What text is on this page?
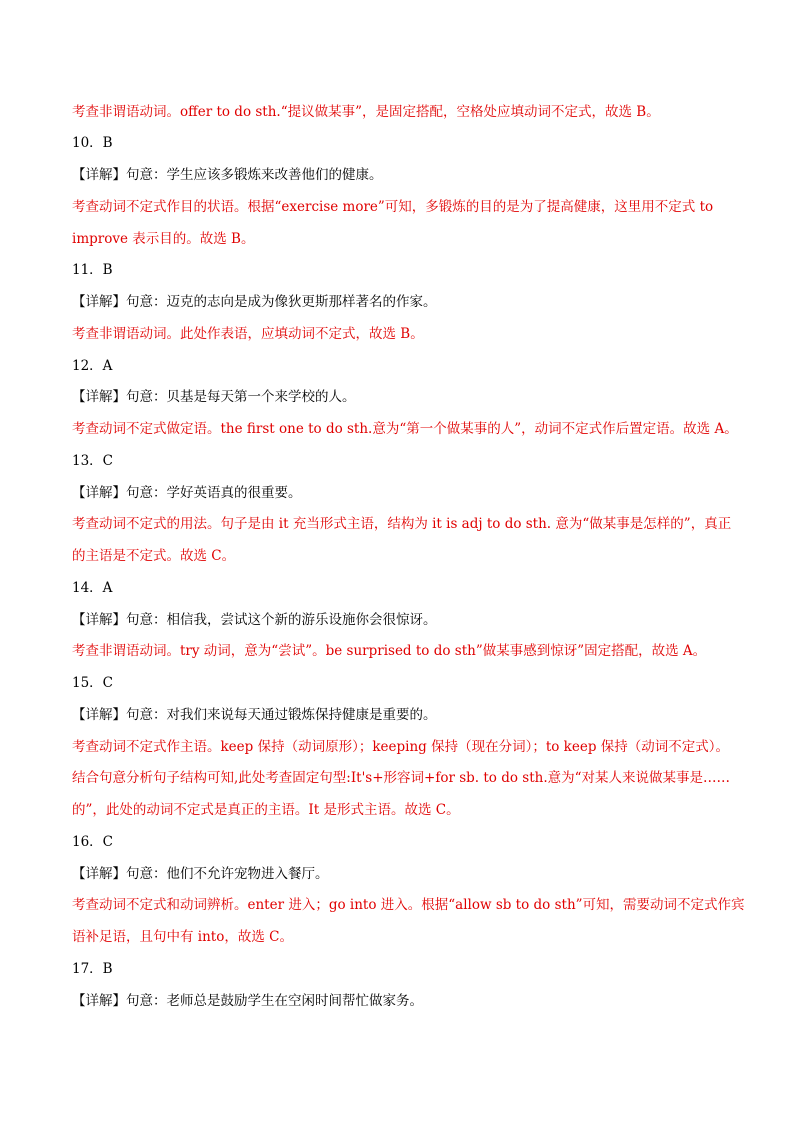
考查非谓语动词。offer to do sth.“提议做某事”，是固定搭配，空格处应填动词不定式，故选 B。
10．B
【详解】句意：学生应该多锻炼来改善他们的健康。
考查动词不定式作目的状语。根据“exercise more”可知，多锻炼的目的是为了提高健康，这里用不定式 to
improve 表示目的。故选 B。
11．B
【详解】句意：迈克的志向是成为像狄更斯那样著名的作家。
考查非谓语动词。此处作表语，应填动词不定式，故选 B。
12．A
【详解】句意：贝基是每天第一个来学校的人。
考查动词不定式做定语。the first one to do sth.意为“第一个做某事的人”，动词不定式作后置定语。故选 A。
13．C
【详解】句意：学好英语真的很重要。
考查动词不定式的用法。句子是由 it 充当形式主语，结构为 it is adj to do sth. 意为“做某事是怎样的”，真正
的主语是不定式。故选 C。
14．A
【详解】句意：相信我，尝试这个新的游乐设施你会很惊讶。
考查非谓语动词。try 动词，意为“尝试”。be surprised to do sth”做某事感到惊讶”固定搭配，故选 A。
15．C
【详解】句意：对我们来说每天通过锻炼保持健康是重要的。
考查动词不定式作主语。keep 保持（动词原形）；keeping 保持（现在分词）；to keep 保持（动词不定式）。
结合句意分析句子结构可知,此处考查固定句型:It's+形容词+for sb. to do sth.意为“对某人来说做某事是……
的”，此处的动词不定式是真正的主语。It 是形式主语。故选 C。
16．C
【详解】句意：他们不允许宠物进入餐厅。
考查动词不定式和动词辨析。enter 进入；go into 进入。根据“allow sb to do sth”可知，需要动词不定式作宾
语补足语，且句中有 into，故选 C。
17．B
【详解】句意：老师总是鼓励学生在空闲时间帮忙做家务。
